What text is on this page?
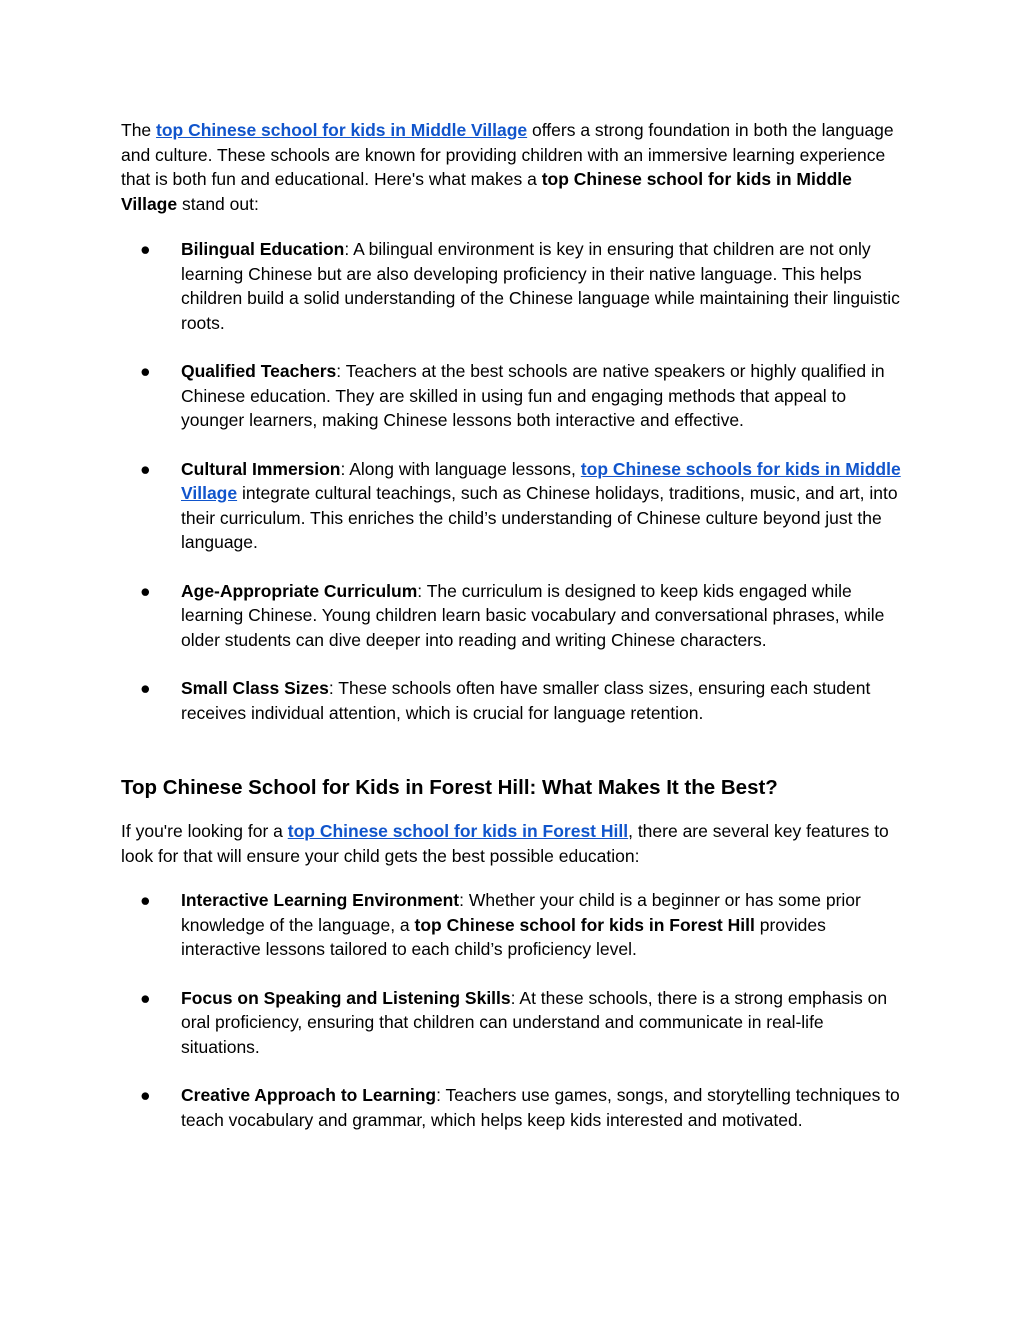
The top Chinese school for kids in Middle Village offers a strong foundation in both the language and culture. These schools are known for providing children with an immersive learning experience that is both fun and educational. Here's what makes a top Chinese school for kids in Middle Village stand out:

● Bilingual Education: A bilingual environment is key in ensuring that children are not only learning Chinese but are also developing proficiency in their native language. This helps children build a solid understanding of the Chinese language while maintaining their linguistic roots.
● Qualified Teachers: Teachers at the best schools are native speakers or highly qualified in Chinese education. They are skilled in using fun and engaging methods that appeal to younger learners, making Chinese lessons both interactive and effective.
● Cultural Immersion: Along with language lessons, top Chinese schools for kids in Middle Village integrate cultural teachings, such as Chinese holidays, traditions, music, and art, into their curriculum. This enriches the child’s understanding of Chinese culture beyond just the language.
● Age-Appropriate Curriculum: The curriculum is designed to keep kids engaged while learning Chinese. Young children learn basic vocabulary and conversational phrases, while older students can dive deeper into reading and writing Chinese characters.
● Small Class Sizes: These schools often have smaller class sizes, ensuring each student receives individual attention, which is crucial for language retention.
Top Chinese School for Kids in Forest Hill: What Makes It the Best?

If you're looking for a top Chinese school for kids in Forest Hill, there are several key features to look for that will ensure your child gets the best possible education:

● Interactive Learning Environment: Whether your child is a beginner or has some prior knowledge of the language, a top Chinese school for kids in Forest Hill provides interactive lessons tailored to each child’s proficiency level.
● Focus on Speaking and Listening Skills: At these schools, there is a strong emphasis on oral proficiency, ensuring that children can understand and communicate in real-life situations.
● Creative Approach to Learning: Teachers use games, songs, and storytelling techniques to teach vocabulary and grammar, which helps keep kids interested and motivated.
